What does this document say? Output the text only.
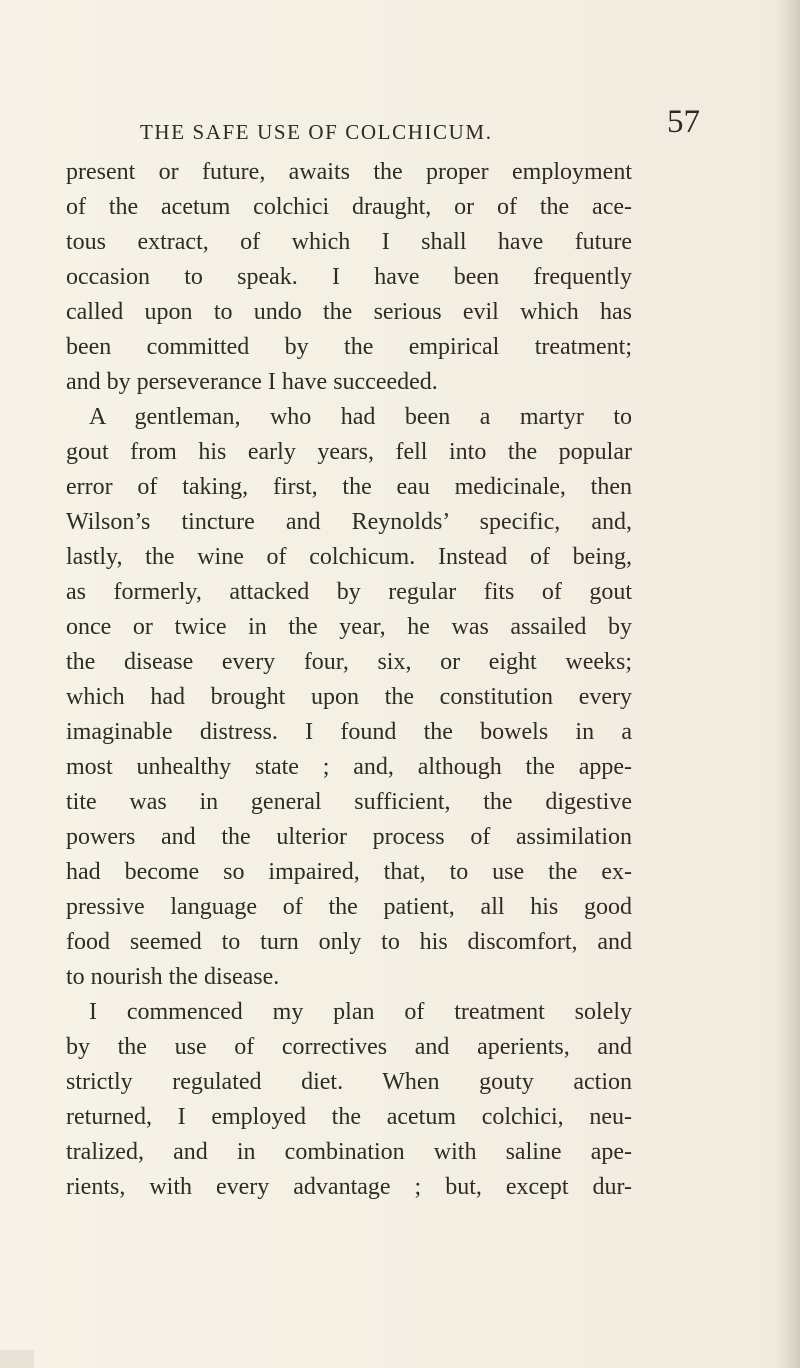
THE SAFE USE OF COLCHICUM.	57
present or future, awaits the proper employment
of the acetum colchici draught, or of the ace-
tous extract, of which I shall have future
occasion to speak. I have been frequently
called upon to undo the serious evil which has
been committed by the empirical treatment;
and by perseverance I have succeeded.
A gentleman, who had been a martyr to
gout from his early years, fell into the popular
error of taking, first, the eau medicinale, then
Wilson’s tincture and Reynolds’ specific, and,
lastly, the wine of colchicum. Instead of being,
as formerly, attacked by regular fits of gout
once or twice in the year, he was assailed by
the disease every four, six, or eight weeks;
which had brought upon the constitution every
imaginable distress. I found the bowels in a
most unhealthy state ; and, although the appe-
tite was in general sufficient, the digestive
powers and the ulterior process of assimilation
had become so impaired, that, to use the ex-
pressive language of the patient, all his good
food seemed to turn only to his discomfort, and
to nourish the disease.
I commenced my plan of treatment solely
by the use of correctives and aperients, and
strictly regulated diet. When gouty action
returned, I employed the acetum colchici, neu-
tralized, and in combination with saline ape-
rients, with every advantage ; but, except dur-
